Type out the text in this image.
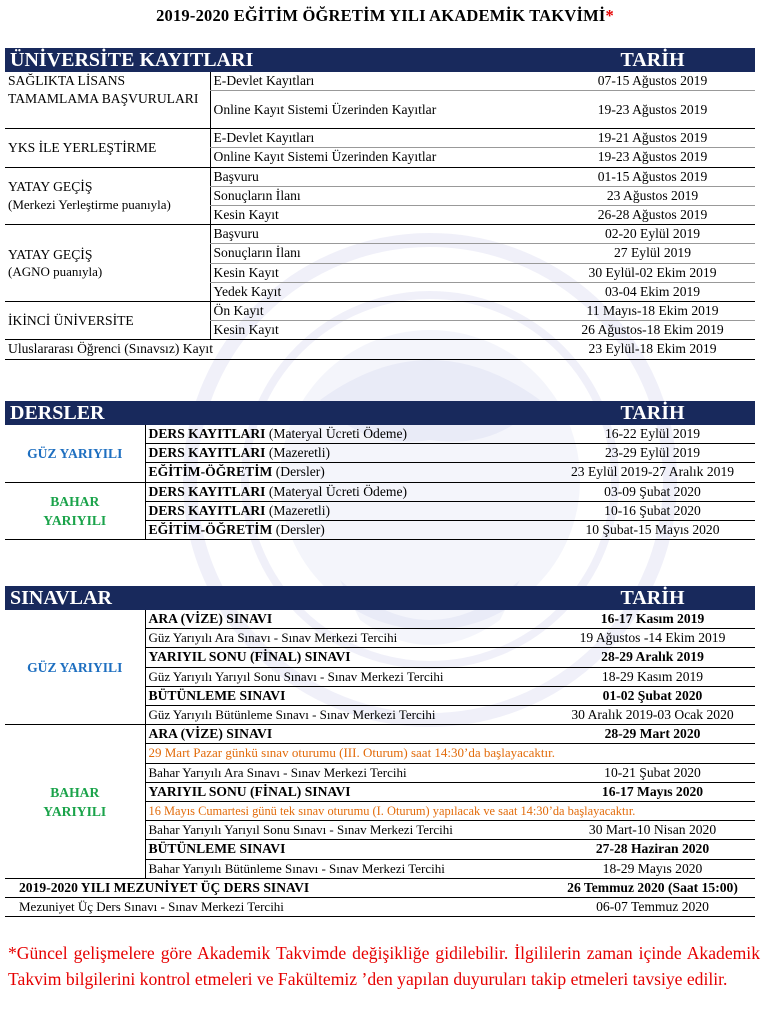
2019-2020 EĞİTİM ÖĞRETİM YILI AKADEMİK TAKVİMİ*
ÜNİVERSİTE KAYITLARI		TARİH
SAĞLIKTA LİSANS TAMAMLAMA BAŞVURULARI	E-Devlet Kayıtları	07-15 Ağustos 2019
	Online Kayıt Sistemi Üzerinden Kayıtlar	19-23 Ağustos 2019
YKS İLE YERLEŞTİRME	E-Devlet Kayıtları	19-21 Ağustos 2019
	Online Kayıt Sistemi Üzerinden Kayıtlar	19-23 Ağustos 2019

YATAY GEÇİŞ
(Merkezi Yerleştirme puanıyla)	Başvuru	01-15 Ağustos 2019
	Sonuçların İlanı	23 Ağustos 2019
	Kesin Kayıt	26-28 Ağustos 2019

YATAY GEÇİŞ
(AGNO puanıyla)	Başvuru	02-20 Eylül 2019
	Sonuçların İlanı	27 Eylül 2019
	Kesin Kayıt	30 Eylül-02 Ekim 2019
	Yedek Kayıt	03-04 Ekim 2019
İKİNCİ ÜNİVERSİTE	Ön Kayıt	11 Mayıs-18 Ekim 2019
	Kesin Kayıt	26 Ağustos-18 Ekim 2019
Uluslararası Öğrenci (Sınavsız) Kayıt		23 Eylül-18 Ekim 2019
DERSLER		TARİH
GÜZ YARIYILI	DERS KAYITLARI (Materyal Ücreti Ödeme)	16-22 Eylül 2019
	DERS KAYITLARI (Mazeretli)	23-29 Eylül 2019
	EĞİTİM-ÖĞRETİM (Dersler)	23 Eylül 2019-27 Aralık 2019

BAHAR
YARIYILI	DERS KAYITLARI (Materyal Ücreti Ödeme)	03-09 Şubat 2020
	DERS KAYITLARI (Mazeretli)	10-16 Şubat 2020
	EĞİTİM-ÖĞRETİM (Dersler)	10 Şubat-15 Mayıs 2020
SINAVLAR		TARİH
GÜZ YARIYILI	ARA (VİZE) SINAVI	16-17 Kasım 2019
	Güz Yarıyılı Ara Sınavı - Sınav Merkezi Tercihi	19 Ağustos -14 Ekim 2019
	YARIYIL SONU (FİNAL) SINAVI	28-29 Aralık 2019
	Güz Yarıyılı Yarıyıl Sonu Sınavı - Sınav Merkezi Tercihi	18-29 Kasım 2019
	BÜTÜNLEME SINAVI	01-02 Şubat 2020
	Güz Yarıyılı Bütünleme Sınavı - Sınav Merkezi Tercihi	30 Aralık 2019-03 Ocak 2020

BAHAR
YARIYILI	ARA (VİZE) SINAVI	28-29 Mart 2020
	29 Mart Pazar günkü sınav oturumu (III. Oturum) saat 14:30’da başlayacaktır.	
	Bahar Yarıyılı Ara Sınavı - Sınav Merkezi Tercihi	10-21 Şubat 2020
	YARIYIL SONU (FİNAL) SINAVI	16-17 Mayıs 2020
	16 Mayıs Cumartesi günü tek sınav oturumu (I. Oturum) yapılacak ve saat 14:30’da başlayacaktır.	
	Bahar Yarıyılı Yarıyıl Sonu Sınavı - Sınav Merkezi Tercihi	30 Mart-10 Nisan 2020
	BÜTÜNLEME SINAVI	27-28 Haziran 2020
	Bahar Yarıyılı Bütünleme Sınavı - Sınav Merkezi Tercihi	18-29 Mayıs 2020
2019-2020 YILI MEZUNİYET ÜÇ DERS SINAVI		26 Temmuz 2020 (Saat 15:00)
Mezuniyet Üç Ders Sınavı - Sınav Merkezi Tercihi		06-07 Temmuz 2020
*Güncel gelişmelere göre Akademik Takvimde değişikliğe gidilebilir. İlgililerin zaman içinde Akademik Takvim bilgilerini kontrol etmeleri ve Fakültemiz ’den yapılan duyuruları takip etmeleri tavsiye edilir.
